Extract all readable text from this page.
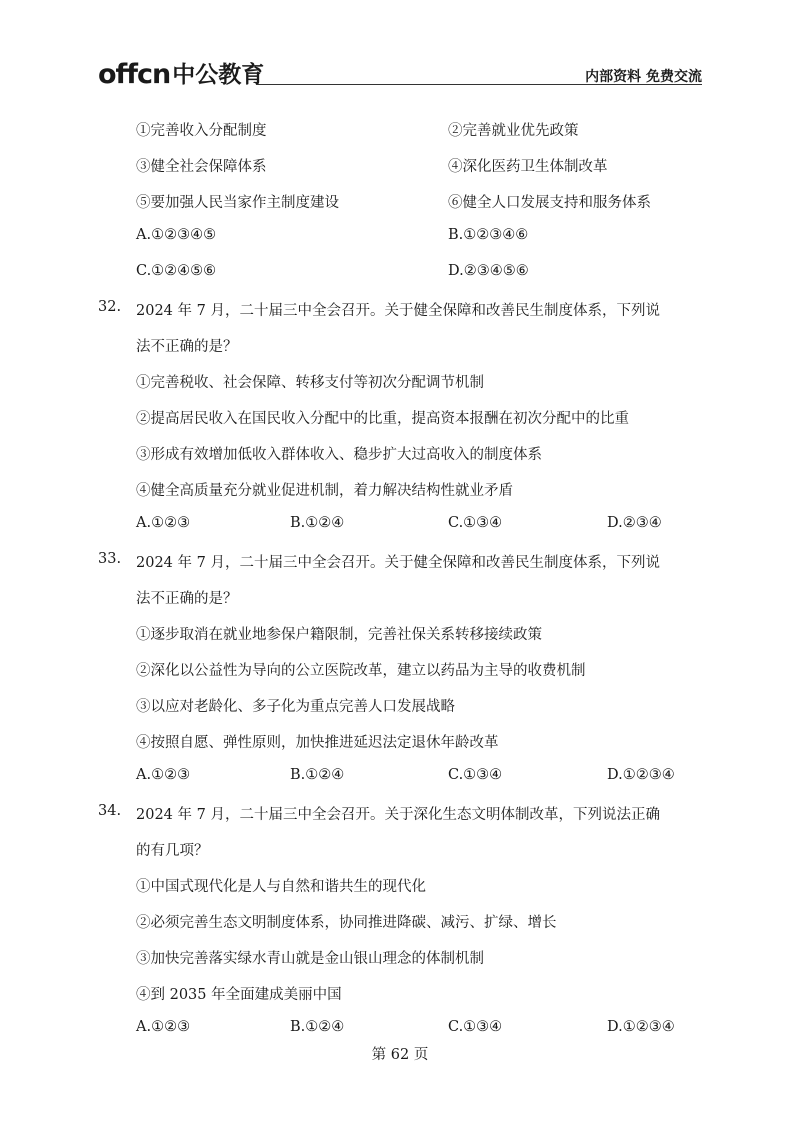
offcn 中公教育	内部资料 免费交流
①完善收入分配制度	②完善就业优先政策
③健全社会保障体系	④深化医药卫生体制改革
⑤要加强人民当家作主制度建设	⑥健全人口发展支持和服务体系
A.①②③④⑤	B.①②③④⑥
C.①②④⑤⑥	D.②③④⑤⑥
32. 2024 年 7 月，二十届三中全会召开。关于健全保障和改善民生制度体系，下列说
法不正确的是？
①完善税收、社会保障、转移支付等初次分配调节机制
②提高居民收入在国民收入分配中的比重，提高资本报酬在初次分配中的比重
③形成有效增加低收入群体收入、稳步扩大过高收入的制度体系
④健全高质量充分就业促进机制，着力解决结构性就业矛盾
A.①②③	B.①②④	C.①③④	D.②③④
33. 2024 年 7 月，二十届三中全会召开。关于健全保障和改善民生制度体系，下列说
法不正确的是？
①逐步取消在就业地参保户籍限制，完善社保关系转移接续政策
②深化以公益性为导向的公立医院改革，建立以药品为主导的收费机制
③以应对老龄化、多子化为重点完善人口发展战略
④按照自愿、弹性原则，加快推进延迟法定退休年龄改革
A.①②③	B.①②④	C.①③④	D.①②③④
34. 2024 年 7 月，二十届三中全会召开。关于深化生态文明体制改革，下列说法正确
的有几项？
①中国式现代化是人与自然和谐共生的现代化
②必须完善生态文明制度体系，协同推进降碳、减污、扩绿、增长
③加快完善落实绿水青山就是金山银山理念的体制机制
④到 2035 年全面建成美丽中国
A.①②③	B.①②④	C.①③④	D.①②③④
第 62 页
